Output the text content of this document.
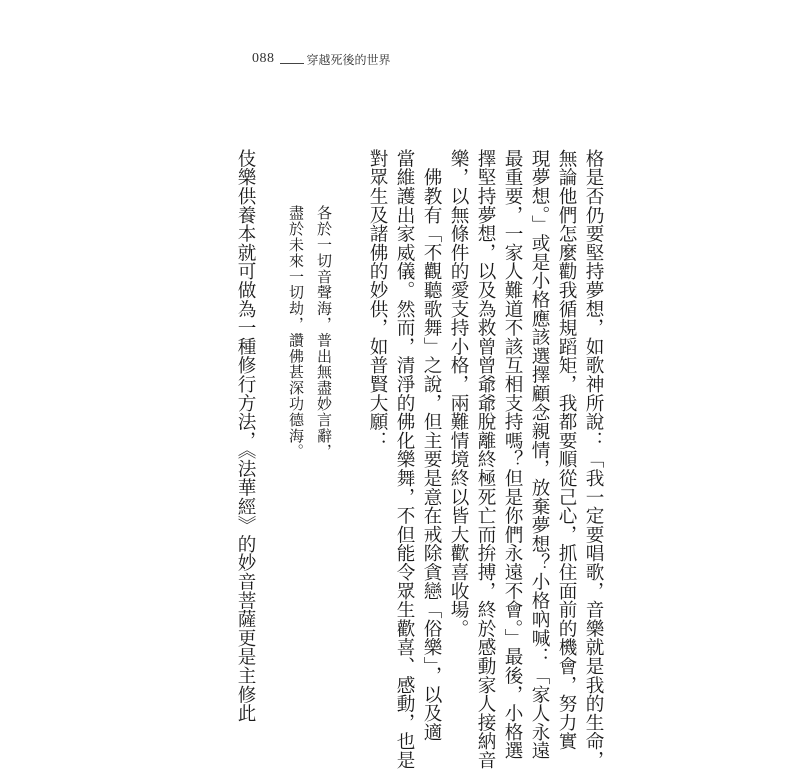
088	穿越死後的世界
格是否仍要堅持夢想，如歌神所說：「我一定要唱歌，音樂就是我的生命，
無論他們怎麼勸我循規蹈矩，我都要順從己心，抓住面前的機會，努力實
現夢想。」或是小格應該選擇顧念親情，放棄夢想？小格吶喊：「家人永遠
最重要，一家人難道不該互相支持嗎？但是你們永遠不會。」最後，小格選
擇堅持夢想，以及為救曾曾爺爺脫離終極死亡而拚搏，終於感動家人接納音
樂，以無條件的愛支持小格，兩難情境終以皆大歡喜收場。
　佛教有「不觀聽歌舞」之說，但主要是意在戒除貪戀「俗樂」，以及適
當維護出家威儀。然而，清淨的佛化樂舞，不但能令眾生歡喜、感動，也是
對眾生及諸佛的妙供，如普賢大願：
各於一切音聲海，普出無盡妙言辭，
盡於未來一切劫，讚佛甚深功德海。
伎樂供養本就可做為一種修行方法，《法華經》的妙音菩薩更是主修此
